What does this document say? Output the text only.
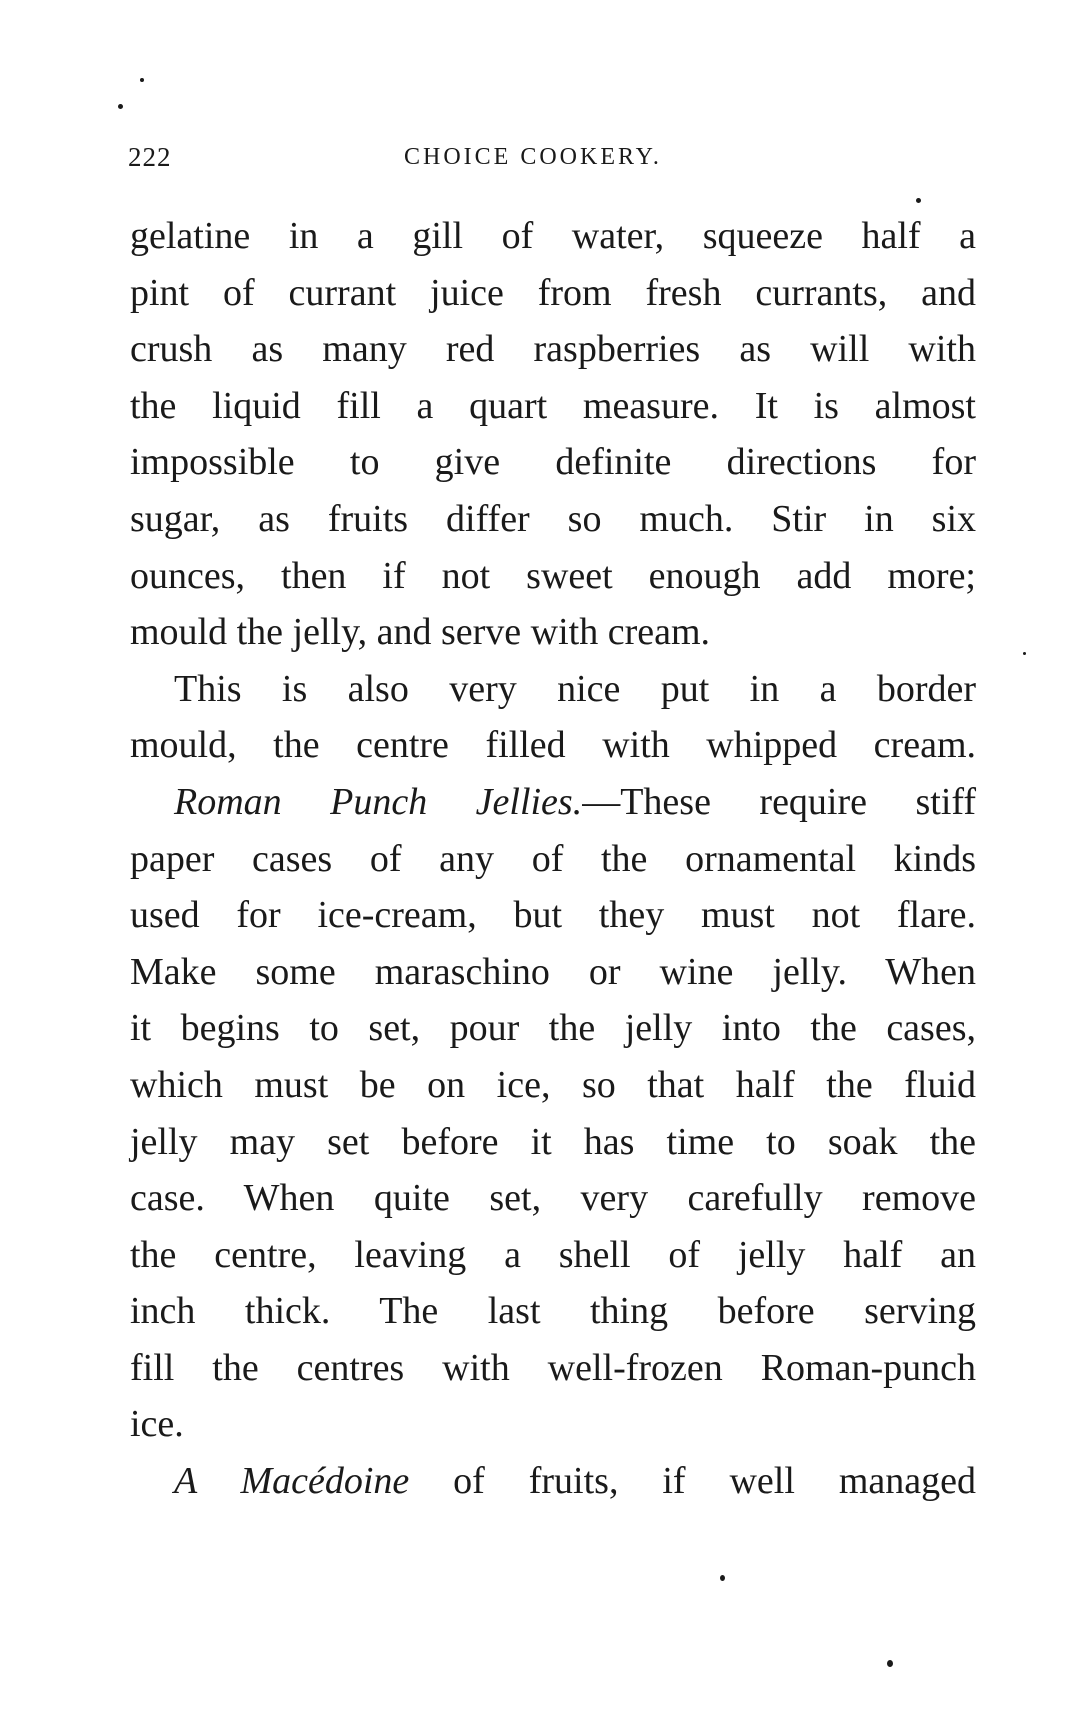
222	CHOICE COOKERY.
gelatine in a gill of water, squeeze half a
pint of currant juice from fresh currants, and
crush as many red raspberries as will with
the liquid fill a quart measure. It is almost
impossible to give definite directions for
sugar, as fruits differ so much. Stir in six
ounces, then if not sweet enough add more;
mould the jelly, and serve with cream.
This is also very nice put in a border
mould, the centre filled with whipped cream.
Roman Punch Jellies.—These require stiff
paper cases of any of the ornamental kinds
used for ice-cream, but they must not flare.
Make some maraschino or wine jelly. When
it begins to set, pour the jelly into the cases,
which must be on ice, so that half the fluid
jelly may set before it has time to soak the
case. When quite set, very carefully remove
the centre, leaving a shell of jelly half an
inch thick. The last thing before serving
fill the centres with well-frozen Roman-punch
ice.
A Macédoine of fruits, if well managed
